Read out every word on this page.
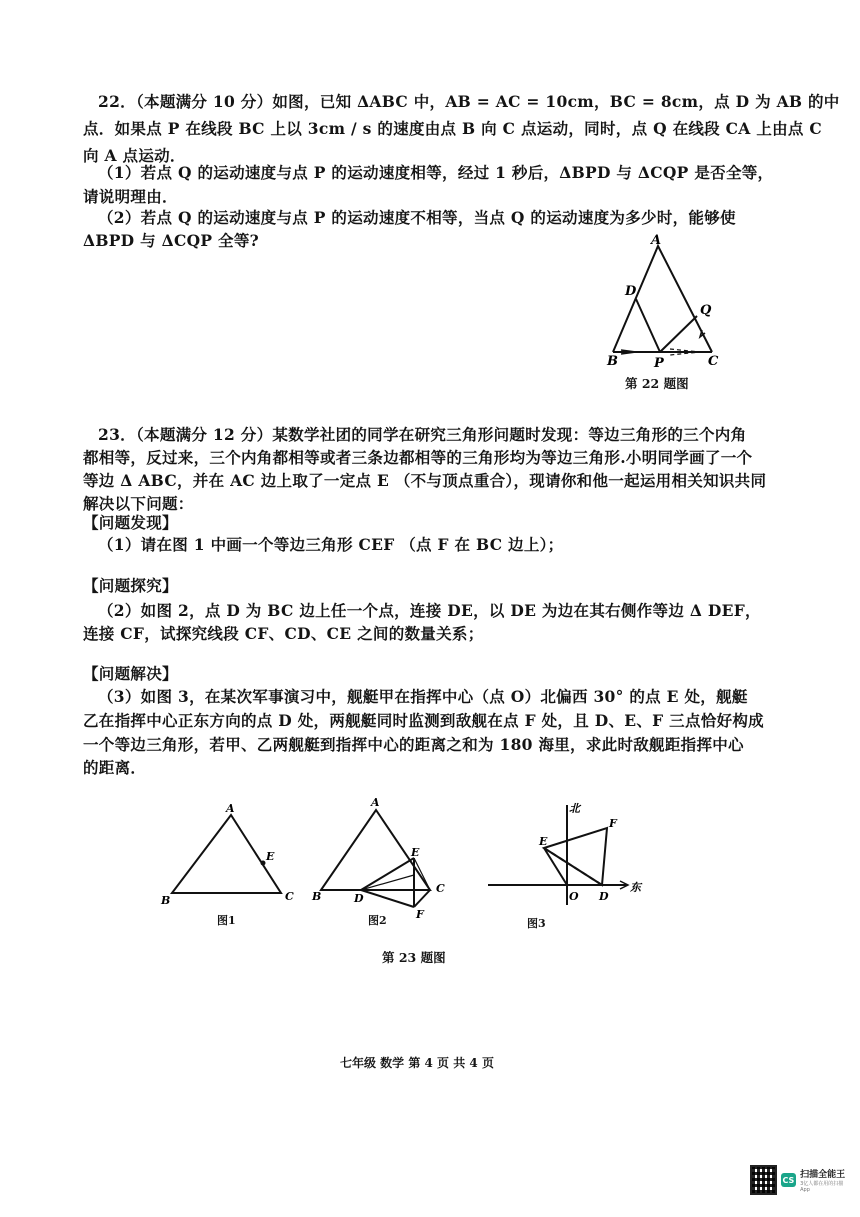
22．（本题满分 10 分）如图，已知 ΔABC 中，AB = AC = 10cm，BC = 8cm，点 D 为 AB 的中
点．如果点 P 在线段 BC 上以 3cm / s 的速度由点 B 向 C 点运动，同时，点 Q 在线段 CA 上由点 C
向 A 点运动．
（1）若点 Q 的运动速度与点 P 的运动速度相等，经过 1 秒后，ΔBPD 与 ΔCQP 是否全等，
请说明理由．
（2）若点 Q 的运动速度与点 P 的运动速度不相等，当点 Q 的运动速度为多少时，能够使
ΔBPD 与 ΔCQP 全等?	A
D
Q
B	P	C
第 22 题图
23．（本题满分 12 分）某数学社团的同学在研究三角形问题时发现：等边三角形的三个内角
都相等，反过来，三个内角都相等或者三条边都相等的三角形均为等边三角形.小明同学画了一个
等边 Δ ABC，并在 AC 边上取了一定点 E （不与顶点重合），现请你和他一起运用相关知识共同
解决以下问题：
【问题发现】
（1）请在图 1 中画一个等边三角形 CEF （点 F 在 BC 边上）；
【问题探究】
（2）如图 2，点 D 为 BC 边上任一个点，连接 DE，以 DE 为边在其右侧作等边 Δ DEF，
连接 CF，试探究线段 CF、CD、CE 之间的数量关系；
【问题解决】
（3）如图 3，在某次军事演习中，舰艇甲在指挥中心（点 O）北偏西 30° 的点 E 处，舰艇
乙在指挥中心正东方向的点 D 处，两舰艇同时监测到敌舰在点 F 处，且 D、E、F 三点恰好构成
一个等边三角形，若甲、乙两舰艇到指挥中心的距离之和为 180 海里，求此时敌舰距指挥中心
的距离．
A
E
B	C
A
E
B	D
C
F
北
F
E
O D
东
图1	图2	图3
第 23 题图
七年级 数学 第 4 页 共 4 页
CS 扫描全能王
3亿人都在用的扫描App
